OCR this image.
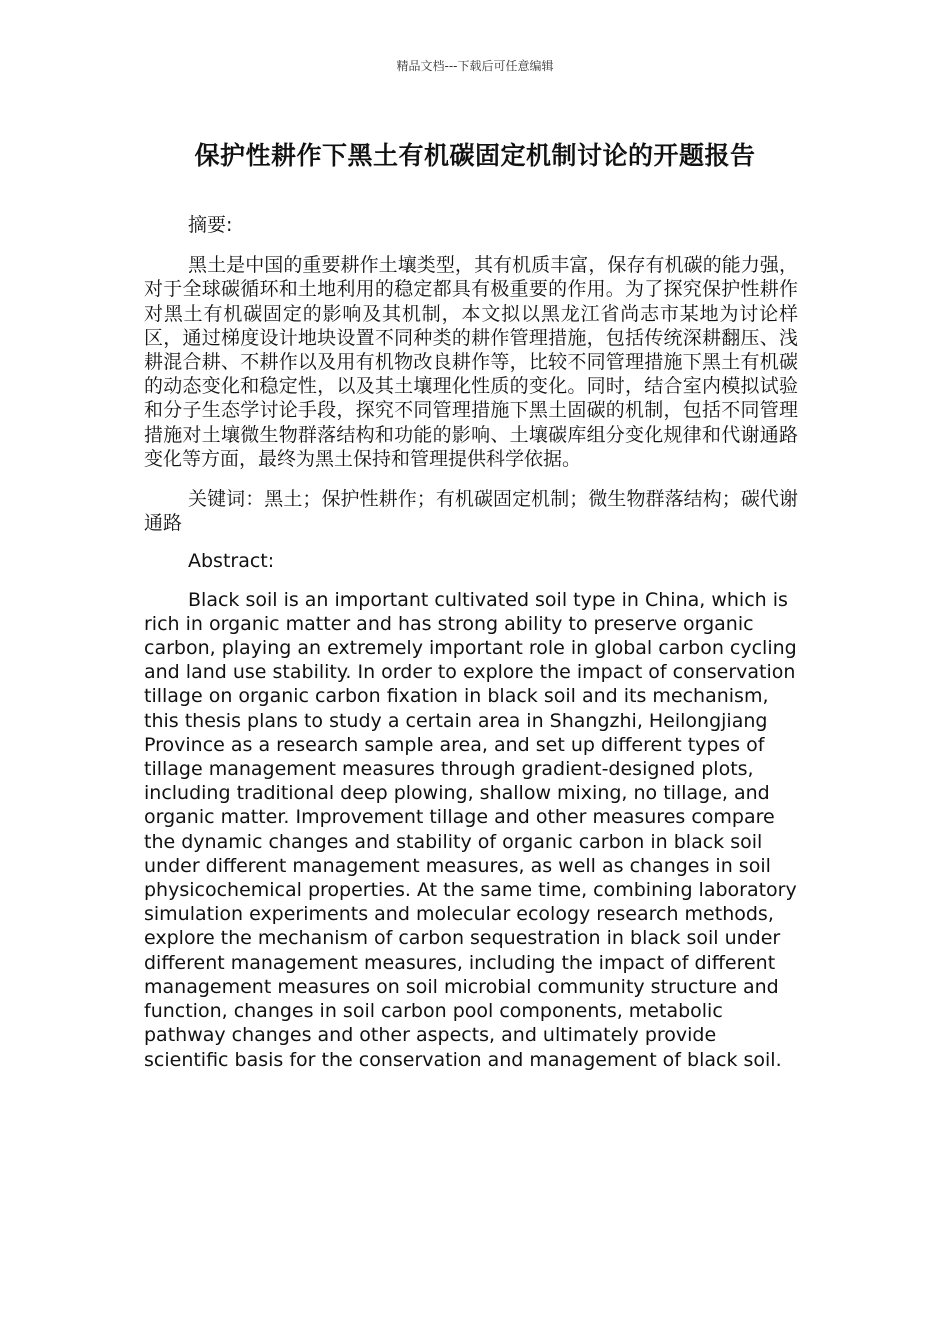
精品文档---下载后可任意编辑
保护性耕作下黑土有机碳固定机制讨论的开题报告

摘要:

黑土是中国的重要耕作土壤类型，其有机质丰富，保存有机碳的能力强，对于全球碳循环和土地利用的稳定都具有极重要的作用。为了探究保护性耕作对黑土有机碳固定的影响及其机制，本文拟以黑龙江省尚志市某地为讨论样区，通过梯度设计地块设置不同种类的耕作管理措施，包括传统深耕翻压、浅耕混合耕、不耕作以及用有机物改良耕作等，比较不同管理措施下黑土有机碳的动态变化和稳定性，以及其土壤理化性质的变化。同时，结合室内模拟试验和分子生态学讨论手段，探究不同管理措施下黑土固碳的机制，包括不同管理措施对土壤微生物群落结构和功能的影响、土壤碳库组分变化规律和代谢通路变化等方面，最终为黑土保持和管理提供科学依据。

关键词：黑土；保护性耕作；有机碳固定机制；微生物群落结构；碳代谢通路

Abstract:

Black soil is an important cultivated soil type in China, which is rich in organic matter and has strong ability to preserve organic carbon, playing an extremely important role in global carbon cycling and land use stability. In order to explore the impact of conservation tillage on organic carbon fixation in black soil and its mechanism, this thesis plans to study a certain area in Shangzhi, Heilongjiang Province as a research sample area, and set up different types of tillage management measures through gradient-designed plots, including traditional deep plowing, shallow mixing, no tillage, and organic matter. Improvement tillage and other measures compare the dynamic changes and stability of organic carbon in black soil under different management measures, as well as changes in soil physicochemical properties. At the same time, combining laboratory simulation experiments and molecular ecology research methods, explore the mechanism of carbon sequestration in black soil under different management measures, including the impact of different management measures on soil microbial community structure and function, changes in soil carbon pool components, metabolic pathway changes and other aspects, and ultimately provide scientific basis for the conservation and management of black soil.
